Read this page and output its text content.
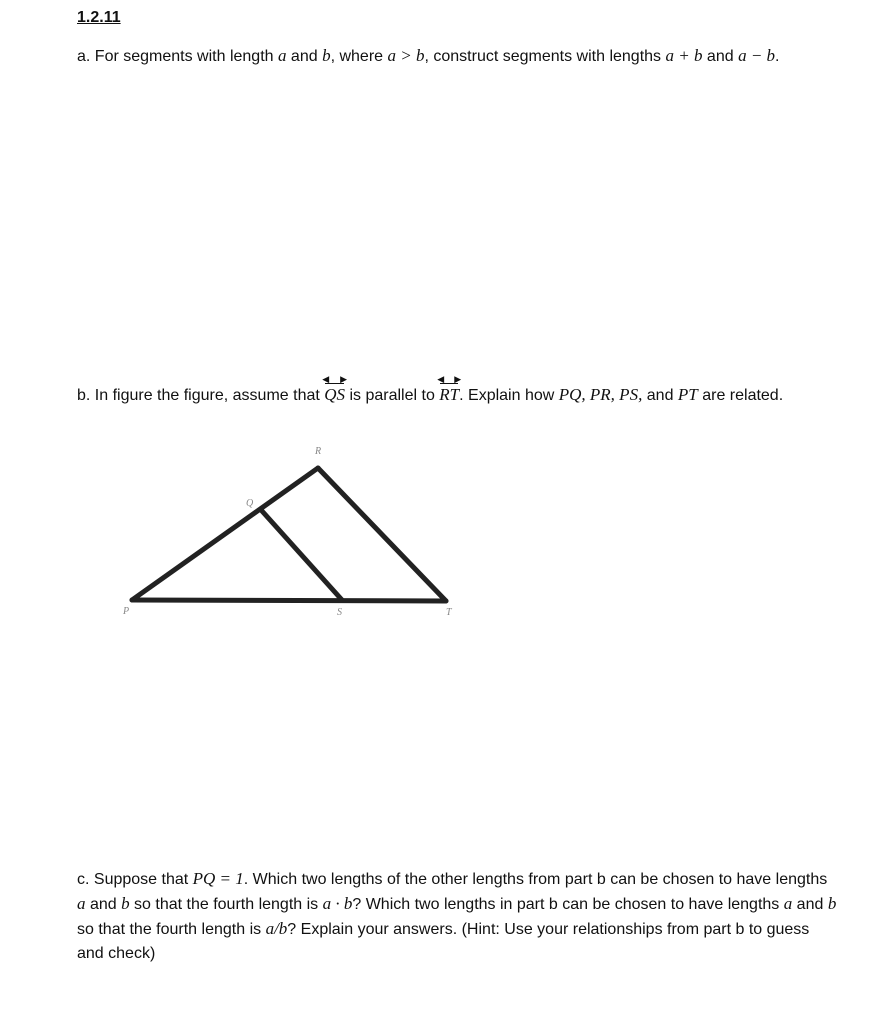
1.2.11

a. For segments with length a and b, where a > b, construct segments with lengths a + b and a − b.

b. In figure the figure, assume that
◀
QS
▶
is parallel to
◀
RT
▶
. Explain how PQ, PR, PS, and PT are related.

R
Q
P	S	T

c. Suppose that PQ = 1. Which two lengths of the other lengths from part b can be chosen to have lengths a and b so that the fourth length is a · b? Which two lengths in part b can be chosen to have lengths a and b so that the fourth length is a/b? Explain your answers. (Hint: Use your relationships from part b to guess and check)
